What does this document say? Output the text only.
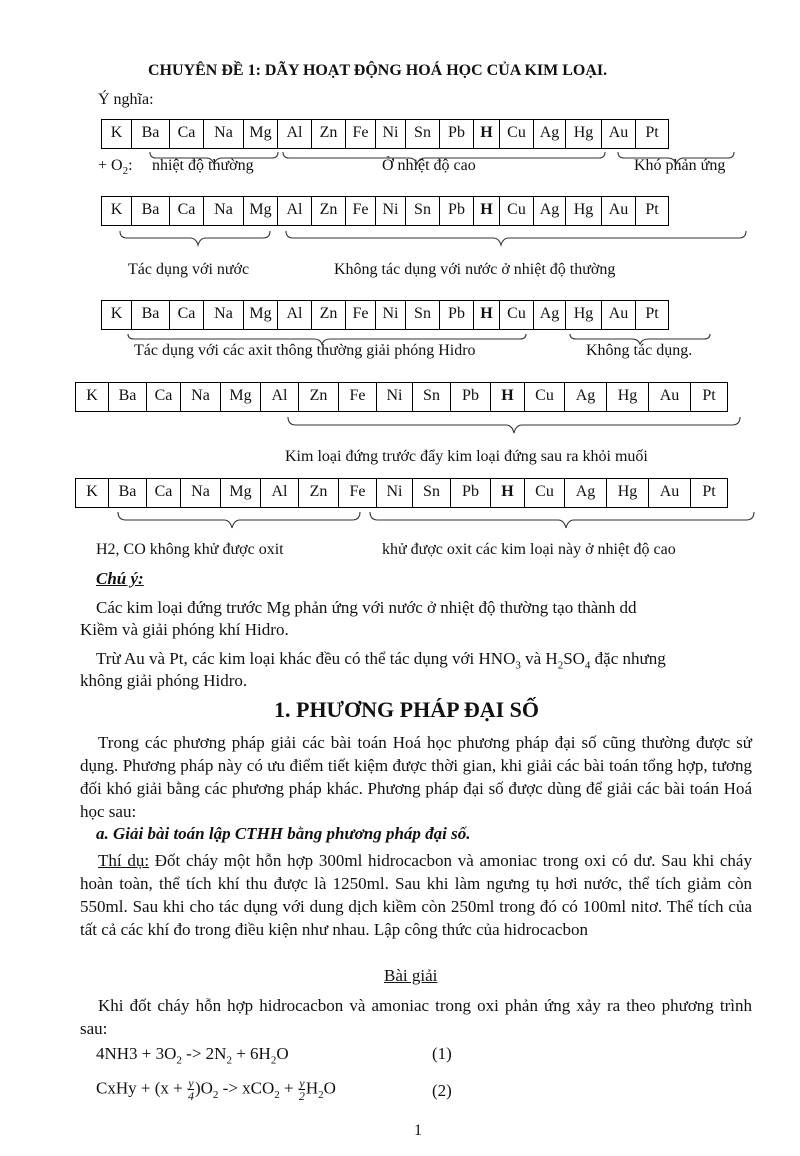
CHUYÊN ĐỀ 1: DÃY HOẠT ĐỘNG HOÁ HỌC CỦA KIM LOẠI.
Ý nghĩa:
K	Ba	Ca	Na	Mg Al	Zn Fe Ni Sn	Pb H Cu Ag Hg Au	Pt
+ $O_2$: nhiệt độ thường	Ở nhiệt độ cao	Khó phản ứng
K	Ba	Ca	Na	Mg Al	Zn Fe Ni Sn	Pb H Cu Ag Hg Au	Pt
Tác dụng với nước	Không tác dụng với nước ở nhiệt độ thường
K	Ba	Ca	Na	Mg Al	Zn Fe Ni Sn	Pb H Cu Ag Hg Au	Pt
Tác dụng với các axit thông thường giải phóng Hidro	Không tác dụng.
K	Ba	Ca	Na	Mg	Al	Zn	Fe	Ni	Sn	Pb	H	Cu	Ag	Hg	Au	Pt
Kim loại đứng trước đẩy kim loại đứng sau ra khỏi muối
K	Ba	Ca	Na	Mg	Al	Zn	Fe	Ni	Sn	Pb	H	Cu	Ag	Hg	Au	Pt
H2, CO không khử được oxit	khử được oxit các kim loại này ở nhiệt độ cao
Chú ý:
Các kim loại đứng trước Mg phản ứng với nước ở nhiệt độ thường tạo thành dd
Kiềm và giải phóng khí Hidro.
Trừ Au và Pt, các kim loại khác đều có thể tác dụng với $HNO_3$ và $H_2SO_4$ đặc nhưng
không giải phóng Hidro.
1. PHƯƠNG PHÁP ĐẠI SỐ
Trong các phương pháp giải các bài toán Hoá học phương pháp đại số cũng thường được sử dụng. Phương pháp này có ưu điểm tiết kiệm được thời gian, khi giải các bài toán tổng hợp, tương đối khó giải bằng các phương pháp khác. Phương pháp đại số được dùng để giải các bài toán Hoá học sau:
a. Giải bài toán lập CTHH bằng phương pháp đại số.
Thí dụ: Đốt cháy một hỗn hợp 300ml hidrocacbon và amoniac trong oxi có dư. Sau khi cháy hoàn toàn, thể tích khí thu được là 1250ml. Sau khi làm ngưng tụ hơi nước, thể tích giảm còn 550ml. Sau khi cho tác dụng với dung dịch kiềm còn 250ml trong đó có 100ml nitơ. Thể tích của tất cả các khí đo trong điều kiện như nhau. Lập công thức của hidrocacbon
Bài giải
Khi đốt cháy hỗn hợp hidrocacbon và amoniac trong oxi phản ứng xảy ra theo phương trình sau:
$4NH3 + 3O_2 -> 2N_2 + 6H_2O$	(1)
CxHy + $(x + \frac{y}{4} )O_2 -> xCO_2 + \frac{y}{2} H_2O$	(2)
1
